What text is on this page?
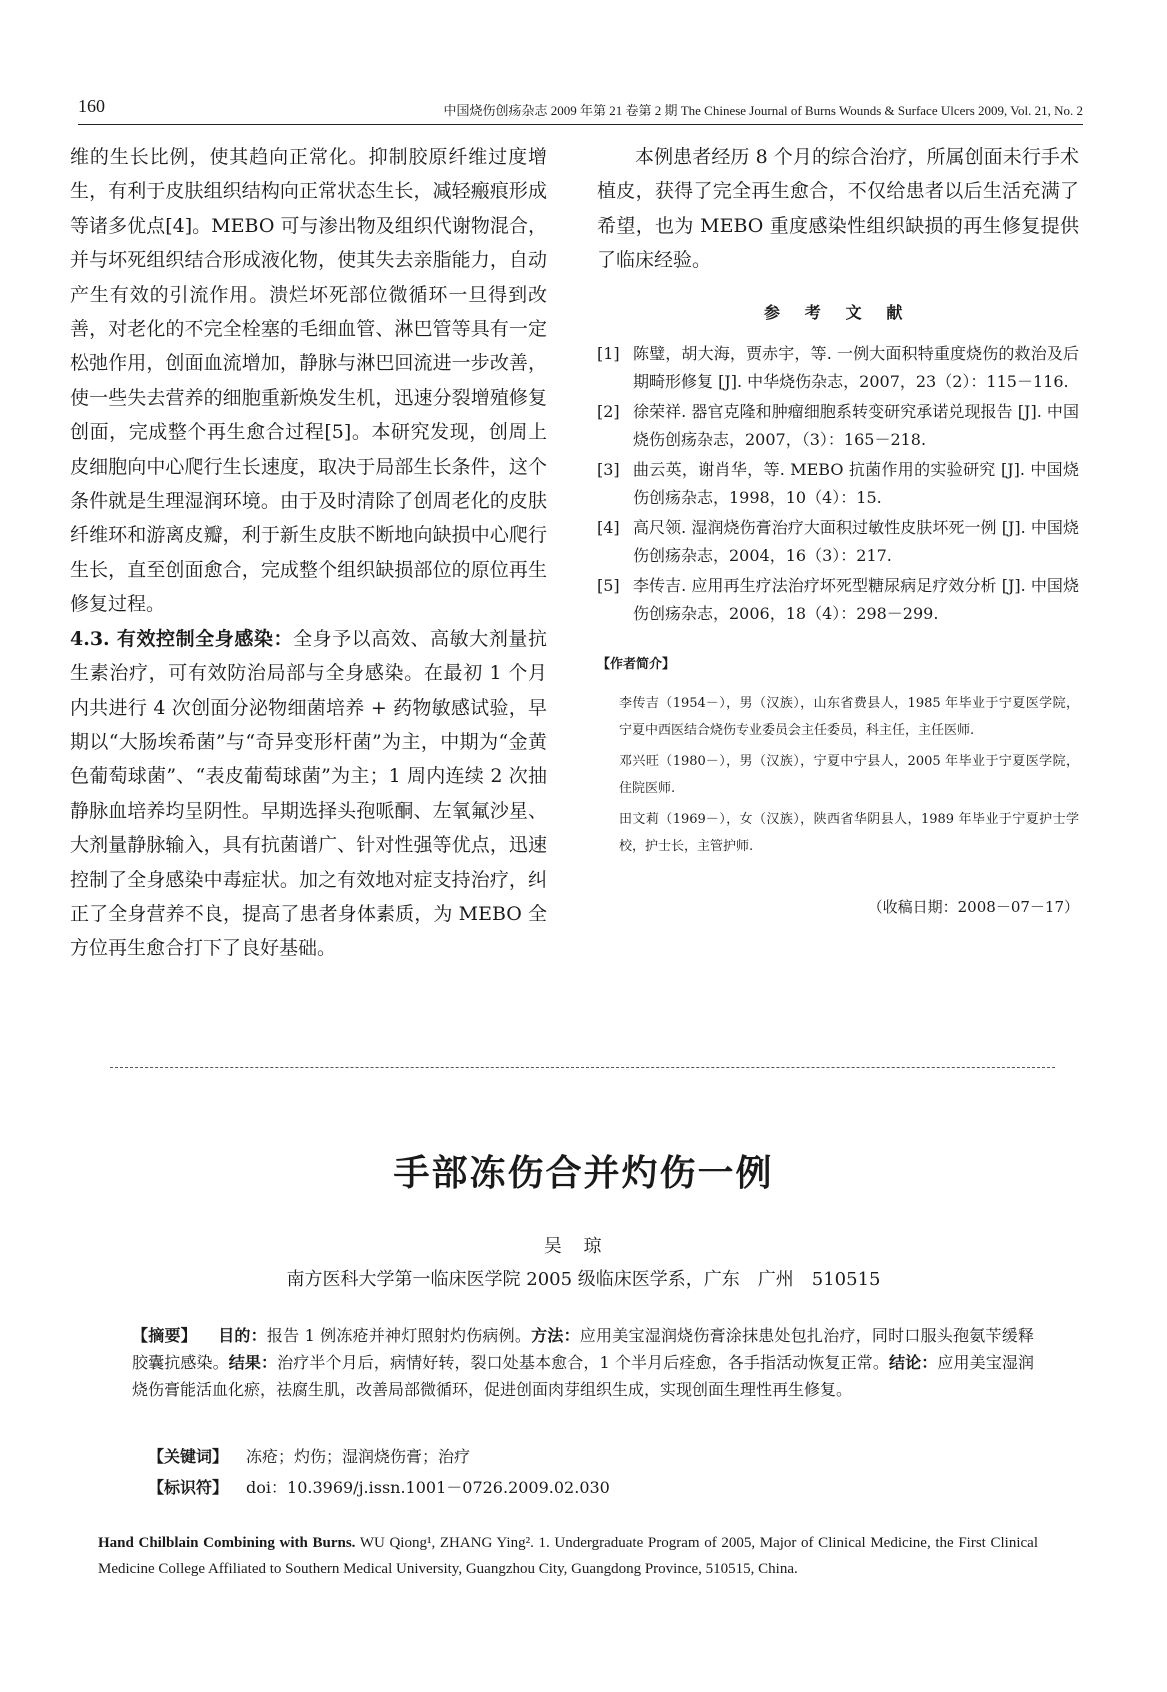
160	中国烧伤创疡杂志 2009 年第 21 卷第 2 期 The Chinese Journal of Burns Wounds & Surface Ulcers 2009, Vol. 21, No. 2

维的生长比例，使其趋向正常化。抑制胶原纤维过度增生，有利于皮肤组织结构向正常状态生长，减轻瘢痕形成等诸多优点[4]。MEBO 可与渗出物及组织代谢物混合，并与坏死组织结合形成液化物，使其失去亲脂能力，自动产生有效的引流作用。溃烂坏死部位微循环一旦得到改善，对老化的不完全栓塞的毛细血管、淋巴管等具有一定松弛作用，创面血流增加，静脉与淋巴回流进一步改善，使一些失去营养的细胞重新焕发生机，迅速分裂增殖修复创面，完成整个再生愈合过程[5]。本研究发现，创周上皮细胞向中心爬行生长速度，取决于局部生长条件，这个条件就是生理湿润环境。由于及时清除了创周老化的皮肤纤维环和游离皮瓣，利于新生皮肤不断地向缺损中心爬行生长，直至创面愈合，完成整个组织缺损部位的原位再生修复过程。

4.3. 有效控制全身感染：全身予以高效、高敏大剂量抗生素治疗，可有效防治局部与全身感染。在最初 1 个月内共进行 4 次创面分泌物细菌培养 + 药物敏感试验，早期以“大肠埃希菌”与“奇异变形杆菌”为主，中期为“金黄色葡萄球菌”、“表皮葡萄球菌”为主；1 周内连续 2 次抽静脉血培养均呈阴性。早期选择头孢哌酮、左氧氟沙星、大剂量静脉输入，具有抗菌谱广、针对性强等优点，迅速控制了全身感染中毒症状。加之有效地对症支持治疗，纠正了全身营养不良，提高了患者身体素质，为 MEBO 全方位再生愈合打下了良好基础。

本例患者经历 8 个月的综合治疗，所属创面未行手术植皮，获得了完全再生愈合，不仅给患者以后生活充满了希望，也为 MEBO 重度感染性组织缺损的再生修复提供了临床经验。

参 考 文 献

[1] 陈璧，胡大海，贾赤宇，等. 一例大面积特重度烧伤的救治及后期畸形修复 [J]. 中华烧伤杂志，2007，23（2）：115－116.

[2] 徐荣祥. 器官克隆和肿瘤细胞系转变研究承诺兑现报告 [J]. 中国烧伤创疡杂志，2007，（3）：165－218.

[3] 曲云英，谢肖华，等. MEBO 抗菌作用的实验研究 [J]. 中国烧伤创疡杂志，1998，10（4）：15.

[4] 高尺领. 湿润烧伤膏治疗大面积过敏性皮肤坏死一例 [J]. 中国烧伤创疡杂志，2004，16（3）：217.

[5] 李传吉. 应用再生疗法治疗坏死型糖尿病足疗效分析 [J]. 中国烧伤创疡杂志，2006，18（4）：298－299.

【作者简介】

李传吉（1954－），男（汉族），山东省费县人，1985 年毕业于宁夏医学院，宁夏中西医结合烧伤专业委员会主任委员，科主任，主任医师.

邓兴旺（1980－），男（汉族），宁夏中宁县人，2005 年毕业于宁夏医学院，住院医师.

田文莉（1969－），女（汉族），陕西省华阴县人，1989 年毕业于宁夏护士学校，护士长，主管护师.

（收稿日期：2008－07－17）

手部冻伤合并灼伤一例
吴琼
南方医科大学第一临床医学院 2005 级临床医学系，广东　广州　510515

【摘要】 目的：报告 1 例冻疮并神灯照射灼伤病例。方法：应用美宝湿润烧伤膏涂抹患处包扎治疗，同时口服头孢氨苄缓释胶囊抗感染。结果：治疗半个月后，病情好转，裂口处基本愈合，1 个半月后痊愈，各手指活动恢复正常。结论：应用美宝湿润烧伤膏能活血化瘀，祛腐生肌，改善局部微循环，促进创面肉芽组织生成，实现创面生理性再生修复。

【关键词】 冻疮；灼伤；湿润烧伤膏；治疗
【标识符】 doi：10.3969/j.issn.1001－0726.2009.02.030
Hand Chilblain Combining with Burns. WU Qiong¹, ZHANG Ying². 1. Undergraduate Program of 2005, Major of Clinical Medicine, the First Clinical Medicine College Affiliated to Southern Medical University, Guangzhou City, Guangdong Province, 510515, China.
